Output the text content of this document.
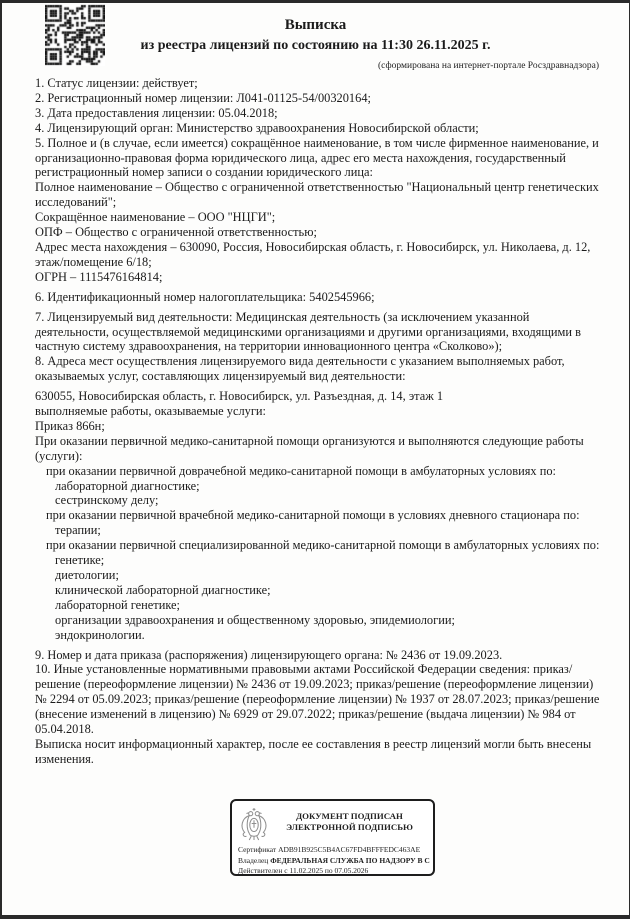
Выписка
из реестра лицензий по состоянию на 11:30 26.11.2025 г.
(сформирована на интернет-портале Росздравнадзора)

1. Статус лицензии: действует;

2. Регистрационный номер лицензии: Л041-01125-54/00320164;

3. Дата предоставления лицензии: 05.04.2018;

4. Лицензирующий орган: Министерство здравоохранения Новосибирской области;

5. Полное и (в случае, если имеется) сокращённое наименование, в том числе фирменное наименование, и организационно-правовая форма юридического лица, адрес его места нахождения, государственный регистрационный номер записи о создании юридического лица:

Полное наименование – Общество с ограниченной ответственностью "Национальный центр генетических исследований";

Сокращённое наименование – ООО "НЦГИ";

ОПФ – Общество с ограниченной ответственностью;

Адрес места нахождения – 630090, Россия, Новосибирская область, г. Новосибирск, ул. Николаева, д. 12, этаж/помещение 6/18;

ОГРН – 1115476164814;

6. Идентификационный номер налогоплательщика: 5402545966;

7. Лицензируемый вид деятельности: Медицинская деятельность (за исключением указанной деятельности, осуществляемой медицинскими организациями и другими организациями, входящими в частную систему здравоохранения, на территории инновационного центра «Сколково»);

8. Адреса мест осуществления лицензируемого вида деятельности с указанием выполняемых работ, оказываемых услуг, составляющих лицензируемый вид деятельности:

630055, Новосибирская область, г. Новосибирск, ул. Разъездная, д. 14, этаж 1

выполняемые работы, оказываемые услуги:

Приказ 866н;

При оказании первичной медико-санитарной помощи организуются и выполняются следующие работы (услуги):

при оказании первичной доврачебной медико-санитарной помощи в амбулаторных условиях по:

лабораторной диагностике;

сестринскому делу;

при оказании первичной врачебной медико-санитарной помощи в условиях дневного стационара по:

терапии;

при оказании первичной специализированной медико-санитарной помощи в амбулаторных условиях по:

генетике;

диетологии;

клинической лабораторной диагностике;

лабораторной генетике;

организации здравоохранения и общественному здоровью, эпидемиологии;

эндокринологии.

9. Номер и дата приказа (распоряжения) лицензирующего органа: № 2436 от 19.09.2023.

10. Иные установленные нормативными правовыми актами Российской Федерации сведения: приказ/решение (переоформление лицензии) № 2436 от 19.09.2023; приказ/решение (переоформление лицензии) № 2294 от 05.09.2023; приказ/решение (переоформление лицензии) № 1937 от 28.07.2023; приказ/решение (внесение изменений в лицензию) № 6929 от 29.07.2022; приказ/решение (выдача лицензии) № 984 от 05.04.2018.

Выписка носит информационный характер, после ее составления в реестр лицензий могли быть внесены изменения.

ДОКУМЕНТ ПОДПИСАН
ЭЛЕКТРОННОЙ ПОДПИСЬЮ
Сертификат ADB91B925C5B4AC67FD4BFFFEDC463AE
Владелец ФЕДЕРАЛЬНАЯ СЛУЖБА ПО НАДЗОРУ В С
Действителен с 11.02.2025 по 07.05.2026
